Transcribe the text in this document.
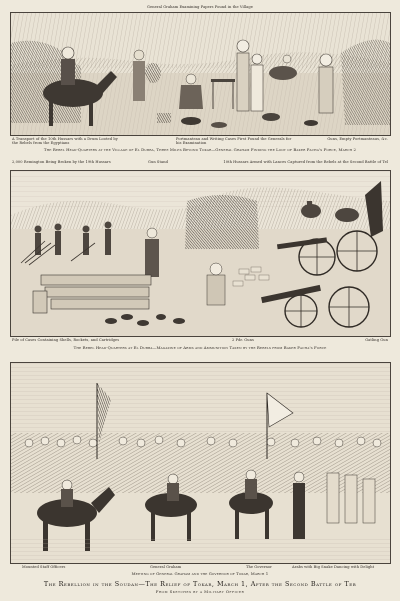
General Graham Examining Papers Found in the Village
A Transport of the 10th Hussars with a Drum Looted by the Rebels from the Egyptians
Portmanteau and Writing Cases First Found the Generals for his Examination
Guns, Empty Portmanteaus, &c.
The Rebel Head-Quarters at the Village of El Dubba, Three Miles Beyond Tokar—General Graham Finding the Loot of Baker Pacha's Force, March 2
2,000 Remington Being Broken by the 19th Hussars	Gun Stand	10th Hussars Armed with Lances Captured from the Rebels at the Second Battle of Tel
Pile of Cases Containing Shells, Rockets, and Cartridges	2 Pdr. Guns	Gatling Gun
The Rebel Head-Quarters at El Dubba—Magazine of Arms and Ammunition Taken by the Rebels from Baker Pacha's Force
Mounted Staff Officers	General Graham	The Governor	Arabs with Big Snake Dancing with Delight
Meeting of General Graham and the Governor of Tokar, March 1
The Rebellion in the Soudan—The Relief of Tokar, March 1, After the Second Battle of Teb
From Sketches by a Military Officer
